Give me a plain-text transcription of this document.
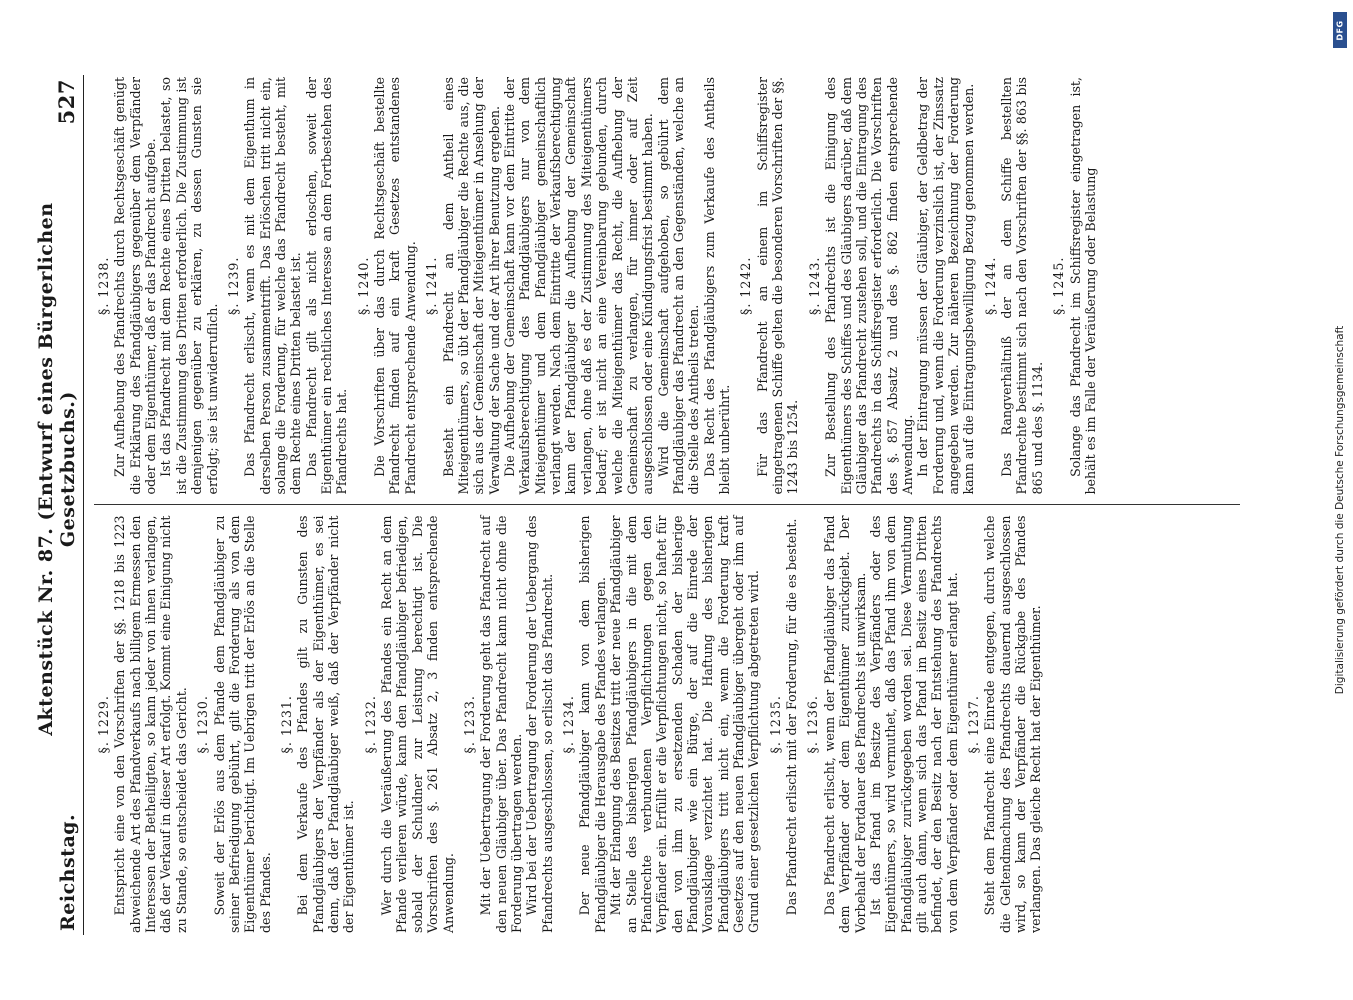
Reichstag.
Aktenstück Nr. 87. (Entwurf eines Bürgerlichen Gesetzbuchs.)
527
§. 1229. Entspricht eine von den Vorschriften der §§. 1218 bis 1223 abweichende Art des Pfandverkaufs nach billigem Ermessen den Interessen der Betheiligten, so kann jeder von ihnen verlangen, daß der Verkauf in dieser Art erfolgt. Kommt eine Einigung nicht zu Stande, so entscheidet das Gericht. §. 1230. Soweit der Erlös aus dem Pfande dem Pfandgläubiger zu seiner Befriedigung gebührt, gilt die Forderung als von dem Eigenthümer berichtigt. Im Uebrigen tritt der Erlös an die Stelle des Pfandes.

§. 1231. Bei dem Verkaufe des Pfandes gilt zu Gunsten des Pfandgläubigers der Verpfänder als der Eigenthümer, es sei denn, daß der Pfandgläubiger weiß, daß der Verpfänder nicht der Eigenthümer ist.

§. 1232. Wer durch die Veräußerung des Pfandes ein Recht an dem Pfande verlieren würde, kann den Pfandgläubiger befriedigen, sobald der Schuldner zur Leistung berechtigt ist. Die Vorschriften des §. 261 Absatz 2, 3 finden entsprechende Anwendung.

§. 1233. Mit der Uebertragung der Forderung geht das Pfandrecht auf den neuen Gläubiger über. Das Pfandrecht kann nicht ohne die Forderung übertragen werden. Wird bei der Uebertragung der Forderung der Uebergang des Pfandrechts ausgeschlossen, so erlischt das Pfandrecht. §. 1234. Der neue Pfandgläubiger kann von dem bisherigen Pfandgläubiger die Herausgabe des Pfandes verlangen. Mit der Erlangung des Besitzes tritt der neue Pfandgläubiger an Stelle des bisherigen Pfandgläubigers in die mit dem Pfandrechte verbundenen Verpflichtungen gegen den Verpfänder ein. Erfüllt er die Verpflichtungen nicht, so haftet für den von ihm zu ersetzenden Schaden der bisherige Pfandgläubiger wie ein Bürge, der auf die Einrede der Vorausklage verzichtet hat. Die Haftung des bisherigen Pfandgläubigers tritt nicht ein, wenn die Forderung kraft Gesetzes auf den neuen Pfandgläubiger übergeht oder ihm auf Grund einer gesetzlichen Verpflichtung abgetreten wird. §. 1235. Das Pfandrecht erlischt mit der Forderung, für die es besteht. §. 1236. Das Pfandrecht erlischt, wenn der Pfandgläubiger das Pfand dem Verpfänder oder dem Eigenthümer zurückgiebt. Der Vorbehalt der Fortdauer des Pfandrechts ist unwirksam. Ist das Pfand im Besitze des Verpfänders oder des Eigenthümers, so wird vermuthet, daß das Pfand ihm von dem Pfandgläubiger zurückgegeben worden sei. Diese Vermuthung gilt auch dann, wenn sich das Pfand im Besitz eines Dritten befindet, der den Besitz nach der Entstehung des Pfandrechts von dem Verpfänder oder dem Eigenthümer erlangt hat. §. 1237. Steht dem Pfandrecht eine Einrede entgegen, durch welche die Geltendmachung des Pfandrechts dauernd ausgeschlossen wird, so kann der Verpfänder die Rückgabe des Pfandes verlangen. Das gleiche Recht hat der Eigenthümer.

§. 1238. Zur Aufhebung des Pfandrechts durch Rechtsgeschäft genügt die Erklärung des Pfandgläubigers gegenüber dem Verpfänder oder dem Eigenthümer, daß er das Pfandrecht aufgebe. Ist das Pfandrecht mit dem Rechte eines Dritten belastet, so ist die Zustimmung des Dritten erforderlich. Die Zustimmung ist demjenigen gegenüber zu erklären, zu dessen Gunsten sie erfolgt; sie ist unwiderruflich.

§. 1239. Das Pfandrecht erlischt, wenn es mit dem Eigenthum in derselben Person zusammentrifft. Das Erlöschen tritt nicht ein, solange die Forderung, für welche das Pfandrecht besteht, mit dem Rechte eines Dritten belastet ist. Das Pfandrecht gilt als nicht erloschen, soweit der Eigenthümer ein rechtliches Interesse an dem Fortbestehen des Pfandrechts hat.

§. 1240. Die Vorschriften über das durch Rechtsgeschäft bestellte Pfandrecht finden auf ein kraft Gesetzes entstandenes Pfandrecht entsprechende Anwendung. §. 1241. Besteht ein Pfandrecht an dem Antheil eines Miteigenthümers, so übt der Pfandgläubiger die Rechte aus, die sich aus der Gemeinschaft der Miteigenthümer in Ansehung der Verwaltung der Sache und der Art ihrer Benutzung ergeben. Die Aufhebung der Gemeinschaft kann vor dem Eintritte der Verkaufsberechtigung des Pfandgläubigers nur von dem Miteigenthümer und dem Pfandgläubiger gemeinschaftlich verlangt werden. Nach dem Eintritte der Verkaufsberechtigung kann der Pfandgläubiger die Aufhebung der Gemeinschaft verlangen, ohne daß es der Zustimmung des Miteigenthümers bedarf; er ist nicht an eine Vereinbarung gebunden, durch welche die Miteigenthümer das Recht, die Aufhebung der Gemeinschaft zu verlangen, für immer oder auf Zeit ausgeschlossen oder eine Kündigungsfrist bestimmt haben. Wird die Gemeinschaft aufgehoben, so gebührt dem Pfandgläubiger das Pfandrecht an den Gegenständen, welche an die Stelle des Antheils treten. Das Recht des Pfandgläubigers zum Verkaufe des Antheils bleibt unberührt.

§. 1242. Für das Pfandrecht an einem im Schiffsregister eingetragenen Schiffe gelten die besonderen Vorschriften der §§. 1243 bis 1254.

§. 1243. Zur Bestellung des Pfandrechts ist die Einigung des Eigenthümers des Schiffes und des Gläubigers darüber, daß dem Gläubiger das Pfandrecht zustehen soll, und die Eintragung des Pfandrechts in das Schiffsregister erforderlich. Die Vorschriften des §. 857 Absatz 2 und des §. 862 finden entsprechende Anwendung. In der Eintragung müssen der Gläubiger, der Geldbetrag der Forderung und, wenn die Forderung verzinslich ist, der Zinssatz angegeben werden. Zur näheren Bezeichnung der Forderung kann auf die Eintragungsbewilligung Bezug genommen werden. §. 1244. Das Rangverhältniß der an dem Schiffe bestellten Pfandrechte bestimmt sich nach den Vorschriften der §§. 863 bis 865 und des §. 1134.

§. 1245. Solange das Pfandrecht im Schiffsregister eingetragen ist, behält es im Falle der Veräußerung oder Belastung

DFG
Digitalisierung gefördert durch die Deutsche Forschungsgemeinschaft
